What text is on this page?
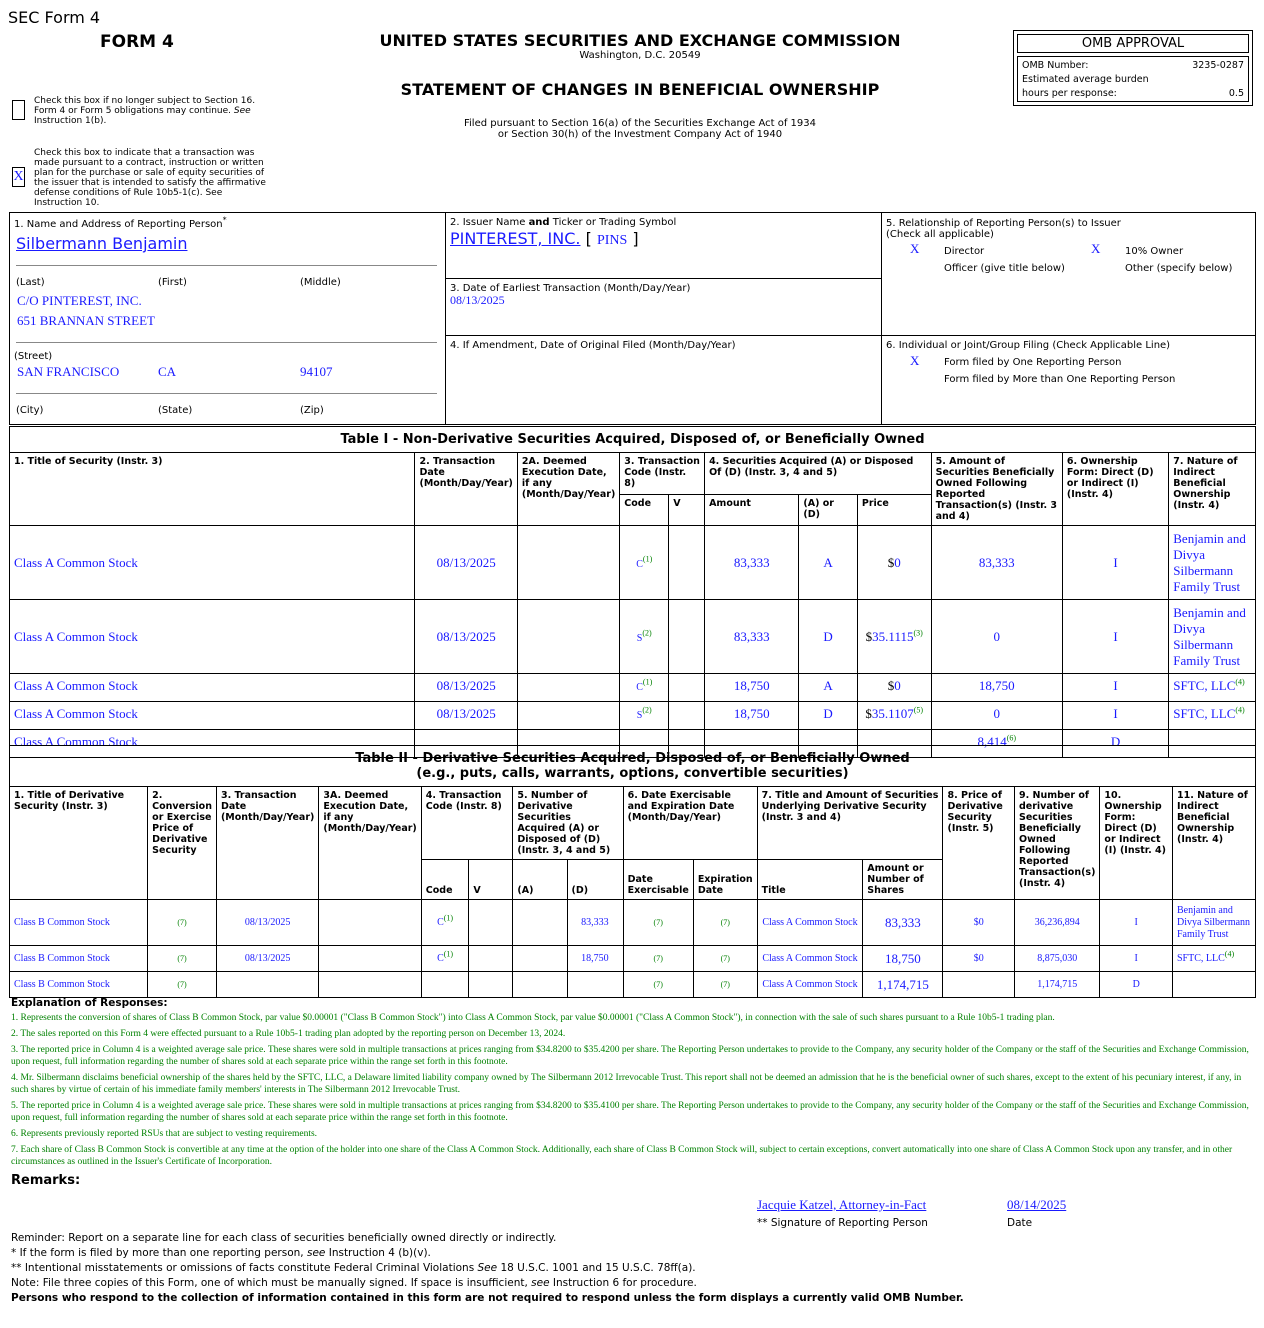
SEC Form 4
FORM 4	UNITED STATES SECURITIES AND EXCHANGE COMMISSION
Washington, D.C. 20549
STATEMENT OF CHANGES IN BENEFICIAL OWNERSHIP
Filed pursuant to Section 16(a) of the Securities Exchange Act of 1934
or Section 30(h) of the Investment Company Act of 1940
OMB APPROVAL
OMB Number:	3235-0287
Estimated average burden
hours per response:	0.5
Check this box if no longer subject to Section 16. Form 4 or Form 5 obligations may continue. See Instruction 1(b).
X
Check this box to indicate that a transaction was made pursuant to a contract, instruction or written plan for the purchase or sale of equity securities of the issuer that is intended to satisfy the affirmative defense conditions of Rule 10b5-1(c). See Instruction 10.
1. Name and Address of Reporting Person*
Silbermann Benjamin
(Last)	(First)	(Middle)
C/O PINTEREST, INC.
651 BRANNAN STREET
(Street)
SAN FRANCISCO	CA	94107
(City)	(State)	(Zip)
2. Issuer Name and Ticker or Trading Symbol
PINTEREST, INC. [ PINS ]
3. Date of Earliest Transaction (Month/Day/Year)
08/13/2025
4. If Amendment, Date of Original Filed (Month/Day/Year)
5. Relationship of Reporting Person(s) to Issuer
(Check all applicable)
X Director	X 10% Owner
Officer (give title below)	Other (specify below)
6. Individual or Joint/Group Filing (Check Applicable Line)
X Form filed by One Reporting Person
Form filed by More than One Reporting Person
Table I - Non-Derivative Securities Acquired, Disposed of, or Beneficially Owned
1. Title of Security (Instr. 3)	2. Transaction Date (Month/Day/Year)	2A. Deemed Execution Date, if any (Month/Day/Year)	3. Transaction Code (Instr. 8)		4. Securities Acquired (A) or Disposed Of (D) (Instr. 3, 4 and 5)			5. Amount of Securities Beneficially Owned Following Reported Transaction(s) (Instr. 3 and 4)	6. Ownership Form: Direct (D) or Indirect (I) (Instr. 4)	7. Nature of Indirect Beneficial Ownership (Instr. 4)
			Code	V	Amount	(A) or (D)	Price			
Class A Common Stock	08/13/2025		$C^{(1)}$		83,333	A	$0	83,333	I	Benjamin and Divya Silbermann Family Trust
Class A Common Stock	08/13/2025		$S^{(2)}$		83,333	D	$35.1115$^{(3)}$	0	I	Benjamin and Divya Silbermann Family Trust
Class A Common Stock	08/13/2025		$C^{(1)}$		18,750	A	$0	18,750	I	SFTC, LLC$^{(4)}$
Class A Common Stock	08/13/2025		$S^{(2)}$		18,750	D	$35.1107$^{(5)}$	0	I	SFTC, LLC$^{(4)}$
Class A Common Stock								8,414$^{(6)}$	D	
Table II - Derivative Securities Acquired, Disposed of, or Beneficially Owned
(e.g., puts, calls, warrants, options, convertible securities)
1. Title of Derivative Security (Instr. 3)	2. Conversion or Exercise Price of Derivative Security	3. Transaction Date (Month/Day/Year)	3A. Deemed Execution Date, if any (Month/Day/Year)	4. Transaction Code (Instr. 8)		5. Number of Derivative Securities Acquired (A) or Disposed of (D) (Instr. 3, 4 and 5)		6. Date Exercisable and Expiration Date (Month/Day/Year)		7. Title and Amount of Securities Underlying Derivative Security (Instr. 3 and 4)		8. Price of Derivative Security (Instr. 5)	9. Number of derivative Securities Beneficially Owned Following Reported Transaction(s) (Instr. 4)	10. Ownership Form: Direct (D) or Indirect (I) (Instr. 4)	11. Nature of Indirect Beneficial Ownership (Instr. 4)
				Code	V	(A)	(D)	Date Exercisable	Expiration Date	Title	Amount or Number of Shares				
Class B Common Stock	(7)	08/13/2025		$C^{(1)}$			83,333	(7)	(7)	Class A Common Stock	83,333	$0	36,236,894	I	Benjamin and Divya Silbermann Family Trust
Class B Common Stock	(7)	08/13/2025		$C^{(1)}$			18,750	(7)	(7)	Class A Common Stock	18,750	$0	8,875,030	I	SFTC, LLC$^{(4)}$
Class B Common Stock	(7)							(7)	(7)	Class A Common Stock	1,174,715		1,174,715	D	
Explanation of Responses:
1. Represents the conversion of shares of Class B Common Stock, par value $0.00001 ("Class B Common Stock") into Class A Common Stock, par value $0.00001 ("Class A Common Stock"), in connection with the sale of such shares pursuant to a Rule 10b5-1 trading plan.
2. The sales reported on this Form 4 were effected pursuant to a Rule 10b5-1 trading plan adopted by the reporting person on December 13, 2024.
3. The reported price in Column 4 is a weighted average sale price. These shares were sold in multiple transactions at prices ranging from $34.8200 to $35.4200 per share. The Reporting Person undertakes to provide to the Company, any security holder of the Company or the staff of the Securities and Exchange Commission, upon request, full information regarding the number of shares sold at each separate price within the range set forth in this footnote.
4. Mr. Silbermann disclaims beneficial ownership of the shares held by the SFTC, LLC, a Delaware limited liability company owned by The Silbermann 2012 Irrevocable Trust. This report shall not be deemed an admission that he is the beneficial owner of such shares, except to the extent of his pecuniary interest, if any, in such shares by virtue of certain of his immediate family members' interests in The Silbermann 2012 Irrevocable Trust.
5. The reported price in Column 4 is a weighted average sale price. These shares were sold in multiple transactions at prices ranging from $34.8200 to $35.4100 per share. The Reporting Person undertakes to provide to the Company, any security holder of the Company or the staff of the Securities and Exchange Commission, upon request, full information regarding the number of shares sold at each separate price within the range set forth in this footnote.
6. Represents previously reported RSUs that are subject to vesting requirements.
7. Each share of Class B Common Stock is convertible at any time at the option of the holder into one share of the Class A Common Stock. Additionally, each share of Class B Common Stock will, subject to certain exceptions, convert automatically into one share of Class A Common Stock upon any transfer, and in other circumstances as outlined in the Issuer's Certificate of Incorporation.
Remarks:
Jacquie Katzel, Attorney-in-Fact	08/14/2025
** Signature of Reporting Person	Date
Reminder: Report on a separate line for each class of securities beneficially owned directly or indirectly.
* If the form is filed by more than one reporting person, see Instruction 4 (b)(v).
** Intentional misstatements or omissions of facts constitute Federal Criminal Violations See 18 U.S.C. 1001 and 15 U.S.C. 78ff(a).
Note: File three copies of this Form, one of which must be manually signed. If space is insufficient, see Instruction 6 for procedure.
Persons who respond to the collection of information contained in this form are not required to respond unless the form displays a currently valid OMB Number.
